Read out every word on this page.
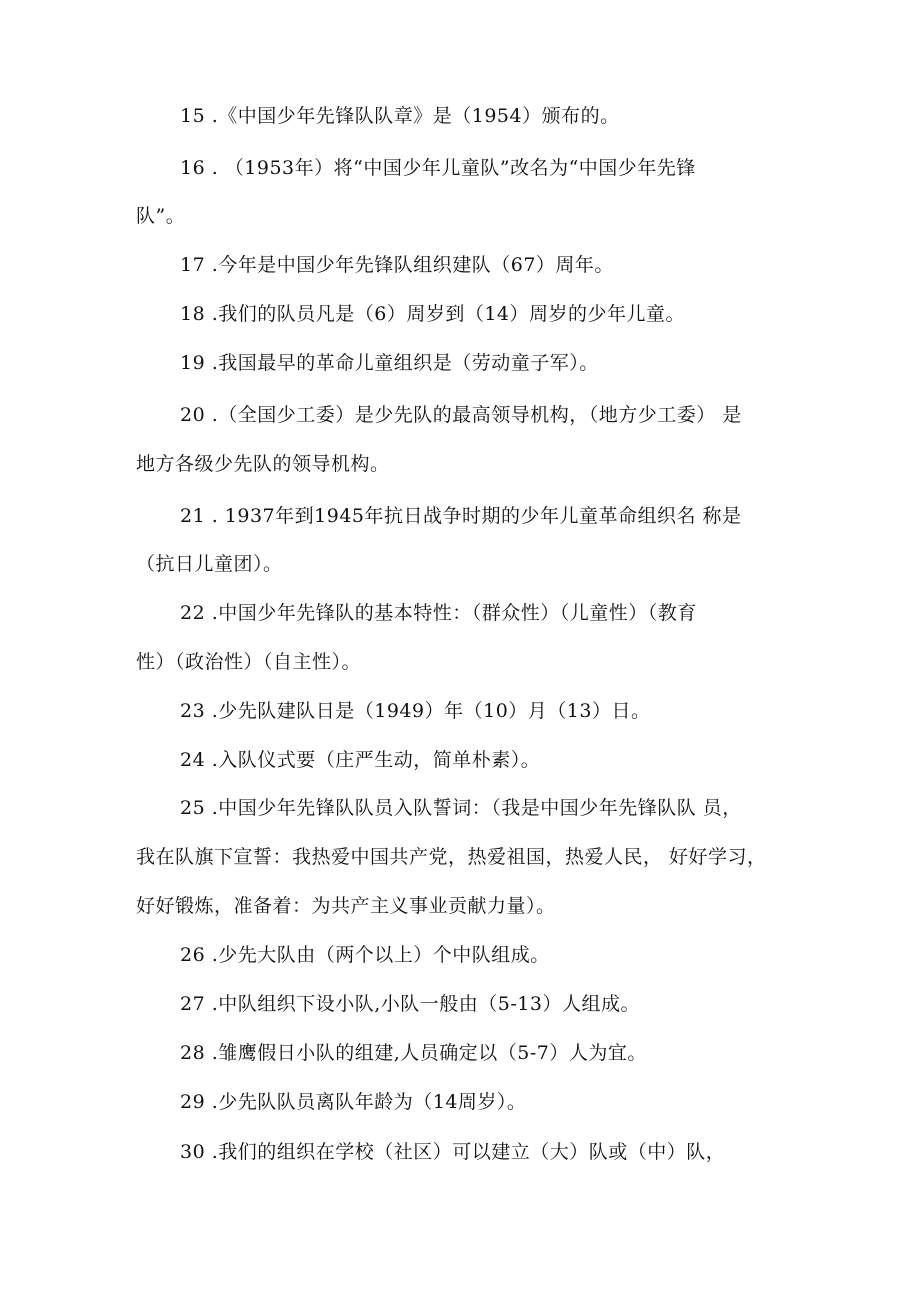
15 .《中国少年先锋队队章》是（1954）颁布的。
16 . （1953年）将“中国少年儿童队”改名为“中国少年先锋
队”。
17 .今年是中国少年先锋队组织建队（67）周年。
18 .我们的队员凡是（6）周岁到（14）周岁的少年儿童。
19 .我国最早的革命儿童组织是（劳动童子军）。
20 .（全国少工委）是少先队的最高领导机构，（地方少工委） 是
地方各级少先队的领导机构。
21 . 1937年到1945年抗日战争时期的少年儿童革命组织名 称是
（抗日儿童团）。
22 .中国少年先锋队的基本特性：（群众性）（儿童性）（教育
性）（政治性）（自主性）。
23 .少先队建队日是（1949）年（10）月（13）日。
24 .入队仪式要（庄严生动，简单朴素）。
25 .中国少年先锋队队员入队誓词：（我是中国少年先锋队队 员，
我在队旗下宣誓：我热爱中国共产党，热爱祖国，热爱人民， 好好学习，
好好锻炼，准备着：为共产主义事业贡献力量）。
26 .少先大队由（两个以上）个中队组成。
27 .中队组织下设小队,小队一般由（5-13）人组成。
28 .雏鹰假日小队的组建,人员确定以（5-7）人为宜。
29 .少先队队员离队年龄为（14周岁）。
30 .我们的组织在学校（社区）可以建立（大）队或（中）队，
